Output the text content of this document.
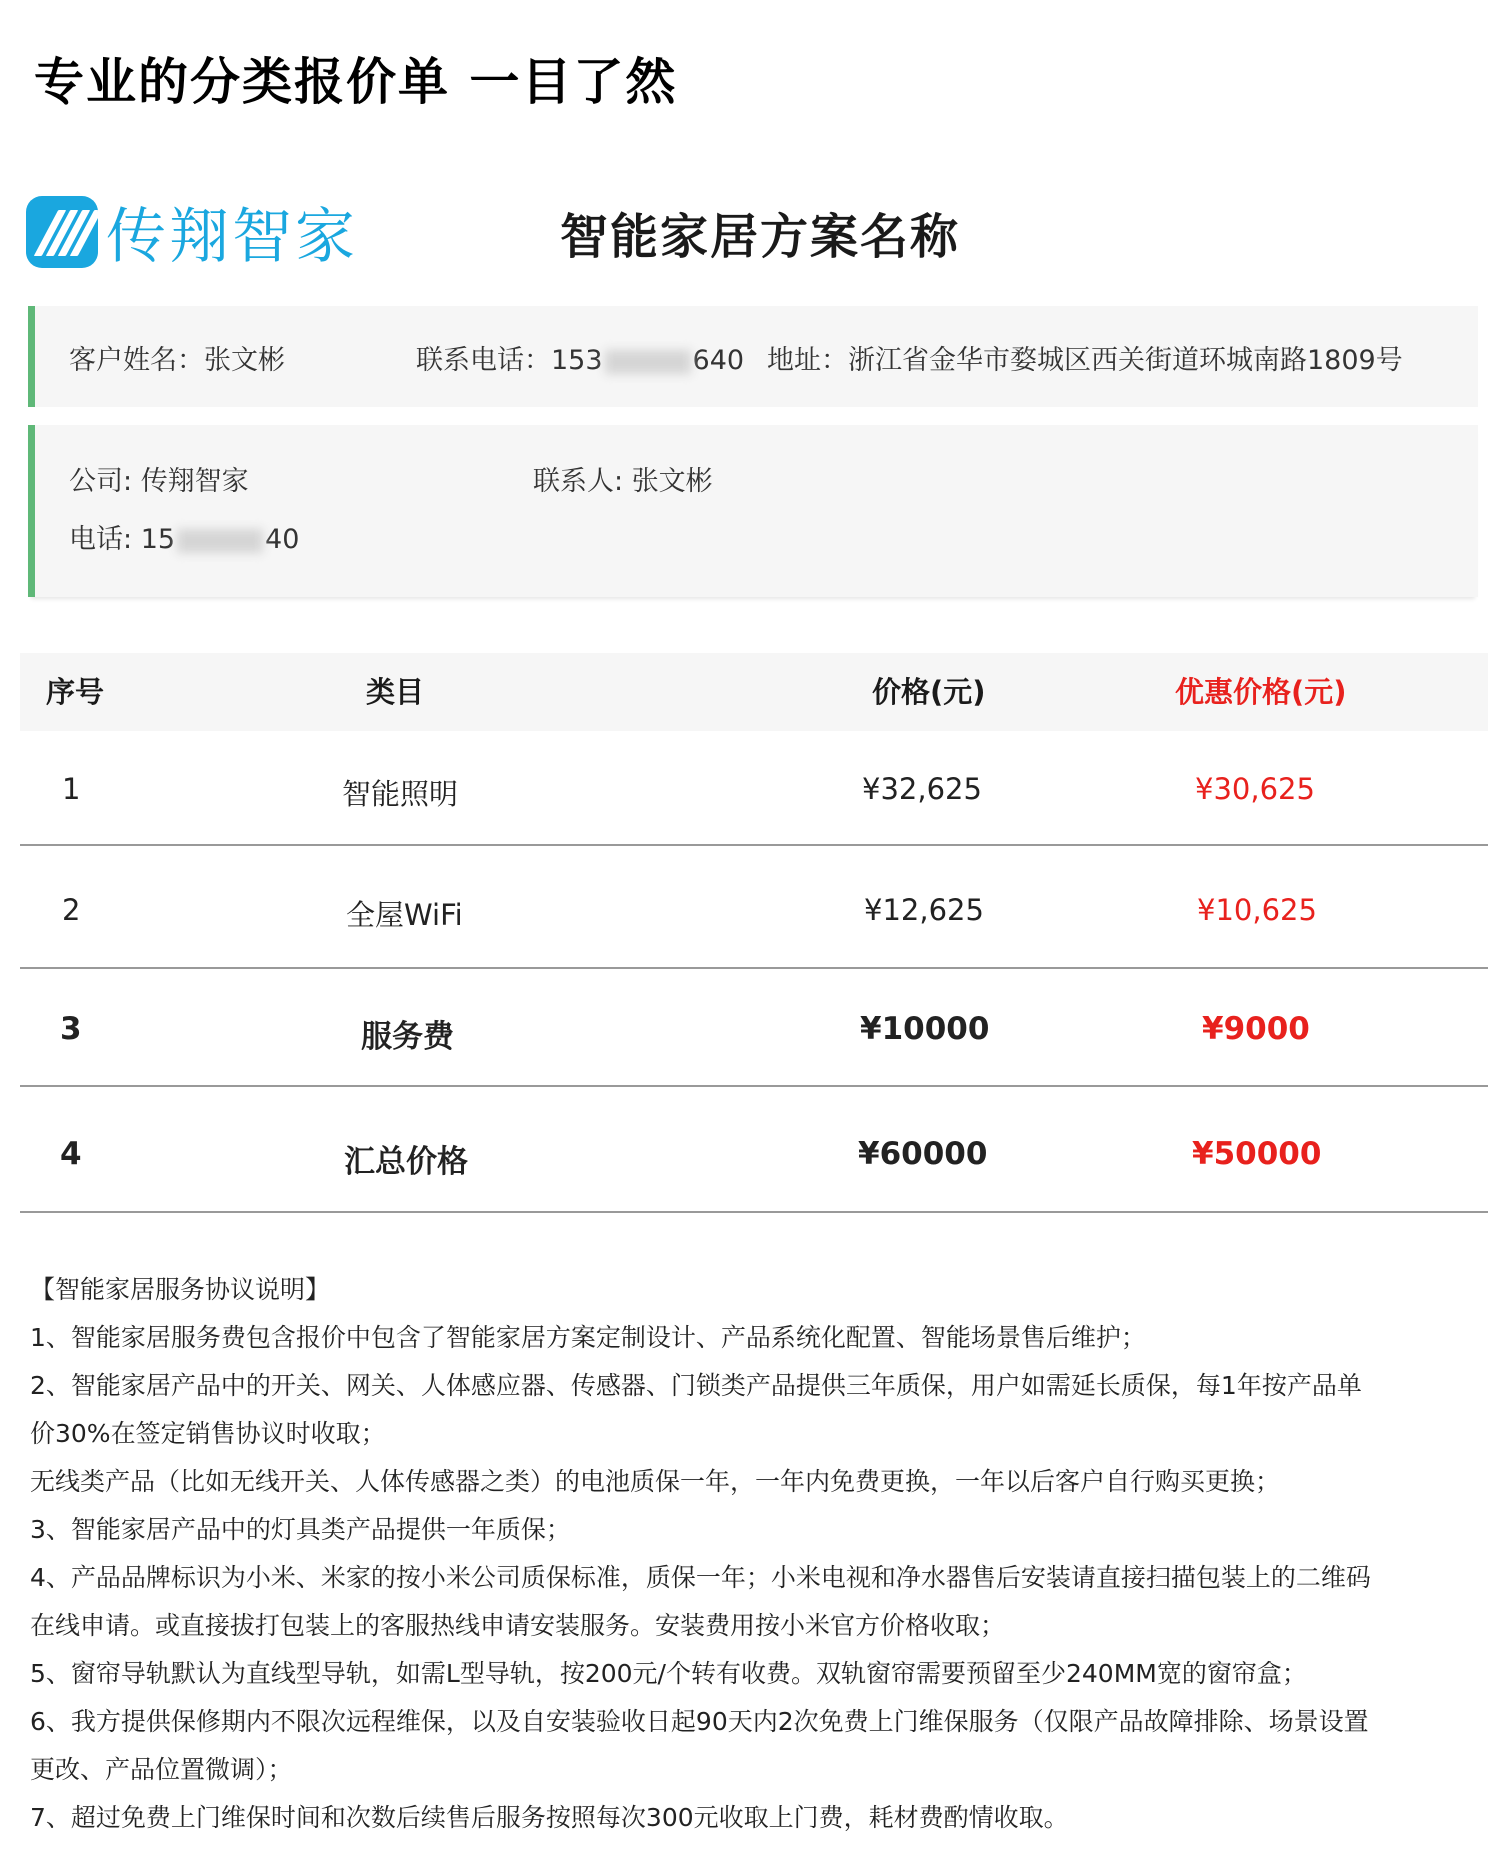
专业的分类报价单 一目了然
传翔智家	智能家居方案名称
客户姓名：张文彬	联系电话：153	640 地址：浙江省金华市婺城区西关街道环城南路1809号
公司: 传翔智家	联系人: 张文彬
电话: 15	40
序号	类目	价格(元)	优惠价格(元)
1	智能照明	¥32,625	¥30,625
2	全屋WiFi	¥12,625	¥10,625
3	服务费	¥10000	¥9000
4	汇总价格	¥60000	¥50000
【智能家居服务协议说明】
1、智能家居服务费包含报价中包含了智能家居方案定制设计、产品系统化配置、智能场景售后维护；
2、智能家居产品中的开关、网关、人体感应器、传感器、门锁类产品提供三年质保，用户如需延长质保，每1年按产品单
价30%在签定销售协议时收取；
无线类产品（比如无线开关、人体传感器之类）的电池质保一年，一年内免费更换，一年以后客户自行购买更换；
3、智能家居产品中的灯具类产品提供一年质保；
4、产品品牌标识为小米、米家的按小米公司质保标准，质保一年；小米电视和净水器售后安装请直接扫描包装上的二维码
在线申请。或直接拔打包装上的客服热线申请安装服务。安装费用按小米官方价格收取；
5、窗帘导轨默认为直线型导轨，如需L型导轨，按200元/个转有收费。双轨窗帘需要预留至少240MM宽的窗帘盒；
6、我方提供保修期内不限次远程维保，以及自安装验收日起90天内2次免费上门维保服务（仅限产品故障排除、场景设置
更改、产品位置微调）；
7、超过免费上门维保时间和次数后续售后服务按照每次300元收取上门费，耗材费酌情收取。
